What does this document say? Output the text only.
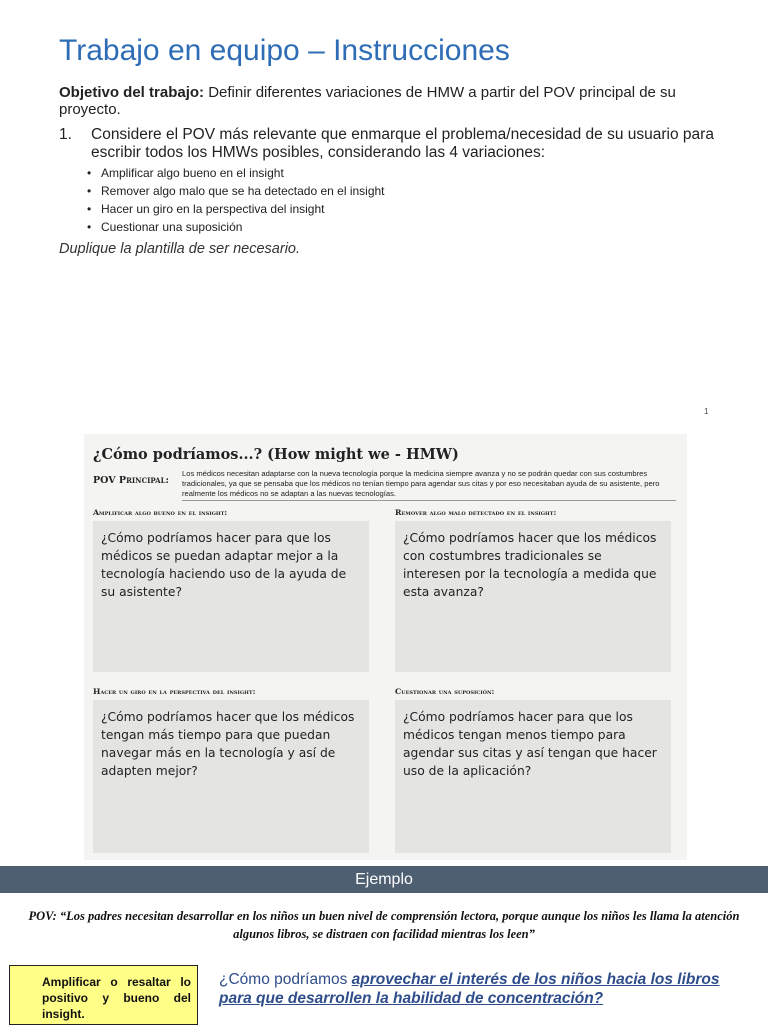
Trabajo en equipo – Instrucciones
Objetivo del trabajo: Definir diferentes variaciones de HMW a partir del POV principal de su proyecto.
1. Considere el POV más relevante que enmarque el problema/necesidad de su usuario para escribir todos los HMWs posibles, considerando las 4 variaciones:
• Amplificar algo bueno en el insight
• Remover algo malo que se ha detectado en el insight
• Hacer un giro en la perspectiva del insight
• Cuestionar una suposición
Duplique la plantilla de ser necesario.
1
¿Cómo podríamos...? (How might we - HMW)
POV Principal:
Los médicos necesitan adaptarse con la nueva tecnología porque la medicina siempre avanza y no se podrán quedar con sus costumbres tradicionales, ya que se pensaba que los médicos no tenían tiempo para agendar sus citas y por eso necesitaban ayuda de su asistente, pero realmente los médicos no se adaptan a las nuevas tecnologías.
Amplificar algo bueno en el insight:
¿Cómo podríamos hacer para que los médicos se puedan adaptar mejor a la tecnología haciendo uso de la ayuda de su asistente?
Remover algo malo detectado en el insight:
¿Cómo podríamos hacer que los médicos con costumbres tradicionales se interesen por la tecnología a medida que esta avanza?
Hacer un giro en la perspectiva del insight:
¿Cómo podríamos hacer que los médicos tengan más tiempo para que puedan navegar más en la tecnología y así de adapten mejor?
Cuestionar una suposición:
¿Cómo podríamos hacer para que los médicos tengan menos tiempo para agendar sus citas y así tengan que hacer uso de la aplicación?
Ejemplo
POV: “Los padres necesitan desarrollar en los niños un buen nivel de comprensión lectora, porque aunque los niños les llama la atención algunos libros, se distraen con facilidad mientras los leen”
Amplificar o resaltar lo positivo y bueno del insight.
¿Cómo podríamos aprovechar el interés de los niños hacia los libros para que desarrollen la habilidad de concentración?
